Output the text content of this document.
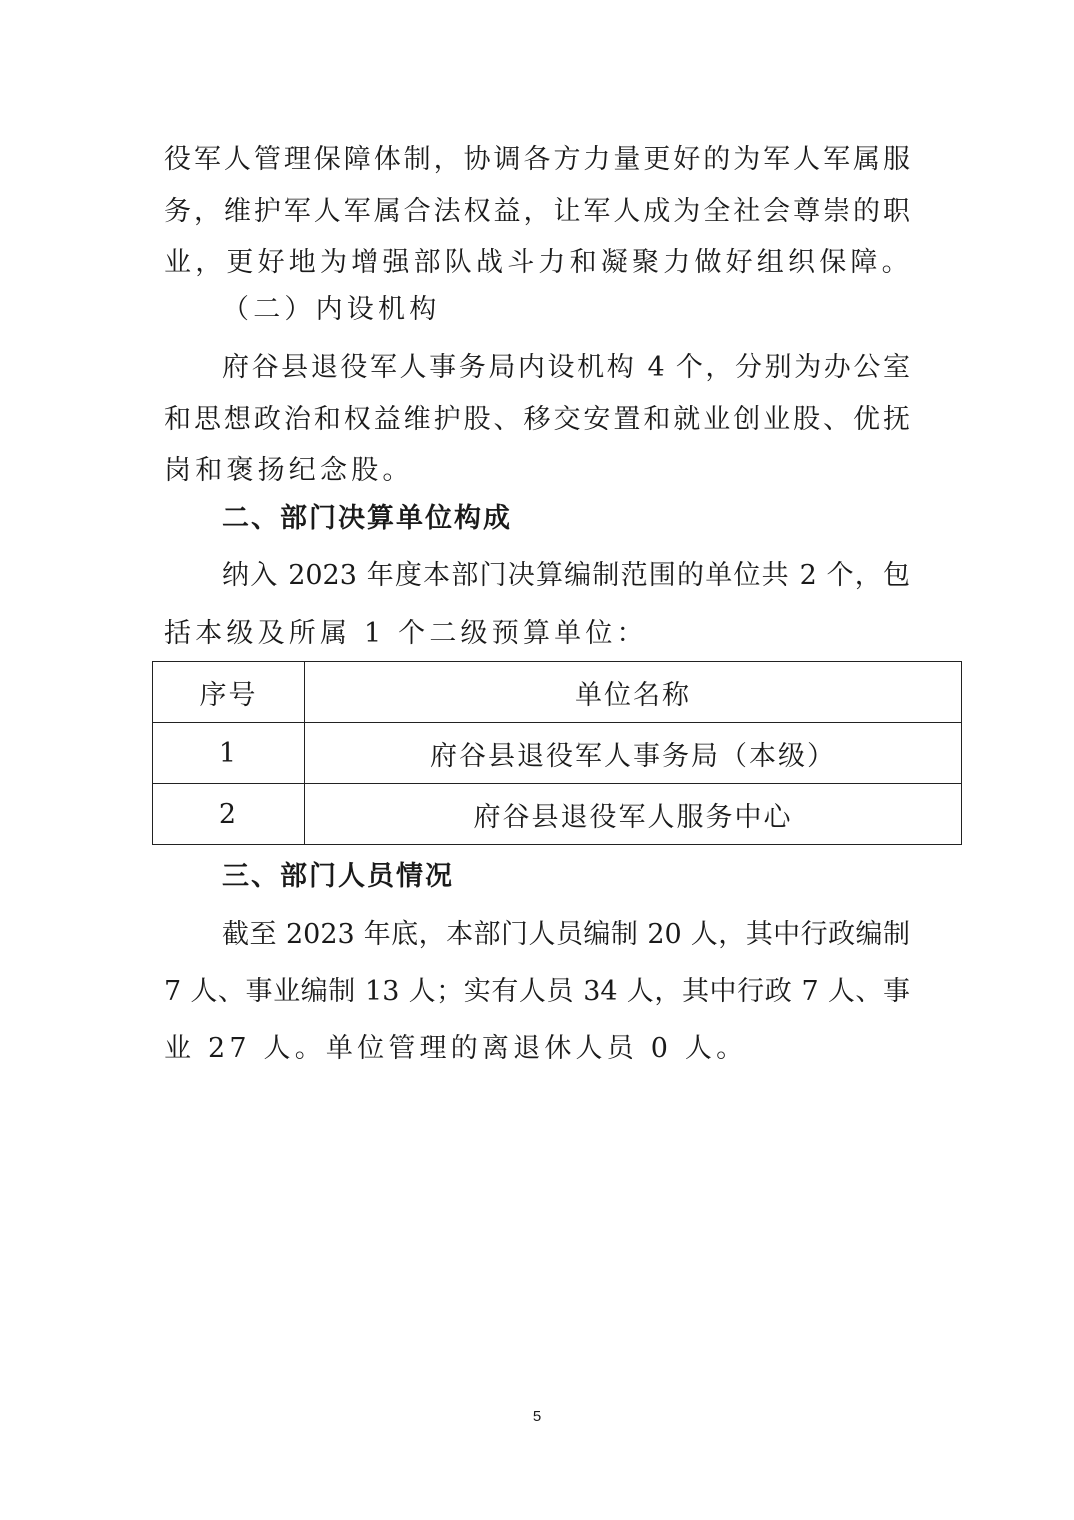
役军人管理保障体制，协调各方力量更好的为军人军属服
务，维护军人军属合法权益，让军人成为全社会尊崇的职
业，更好地为增强部队战斗力和凝聚力做好组织保障。
（二）内设机构
府谷县退役军人事务局内设机构 4 个，分别为办公室
和思想政治和权益维护股、移交安置和就业创业股、优抚
岗和褒扬纪念股。
二、部门决算单位构成
纳入 2023 年度本部门决算编制范围的单位共 2 个，包
括本级及所属 1 个二级预算单位：
序号	单位名称
1	府谷县退役军人事务局（本级）
2	府谷县退役军人服务中心
三、部门人员情况
截至 2023 年底，本部门人员编制 20 人，其中行政编制
7 人、事业编制 13 人；实有人员 34 人，其中行政 7 人、事
业 27 人。单位管理的离退休人员 0 人。
5
